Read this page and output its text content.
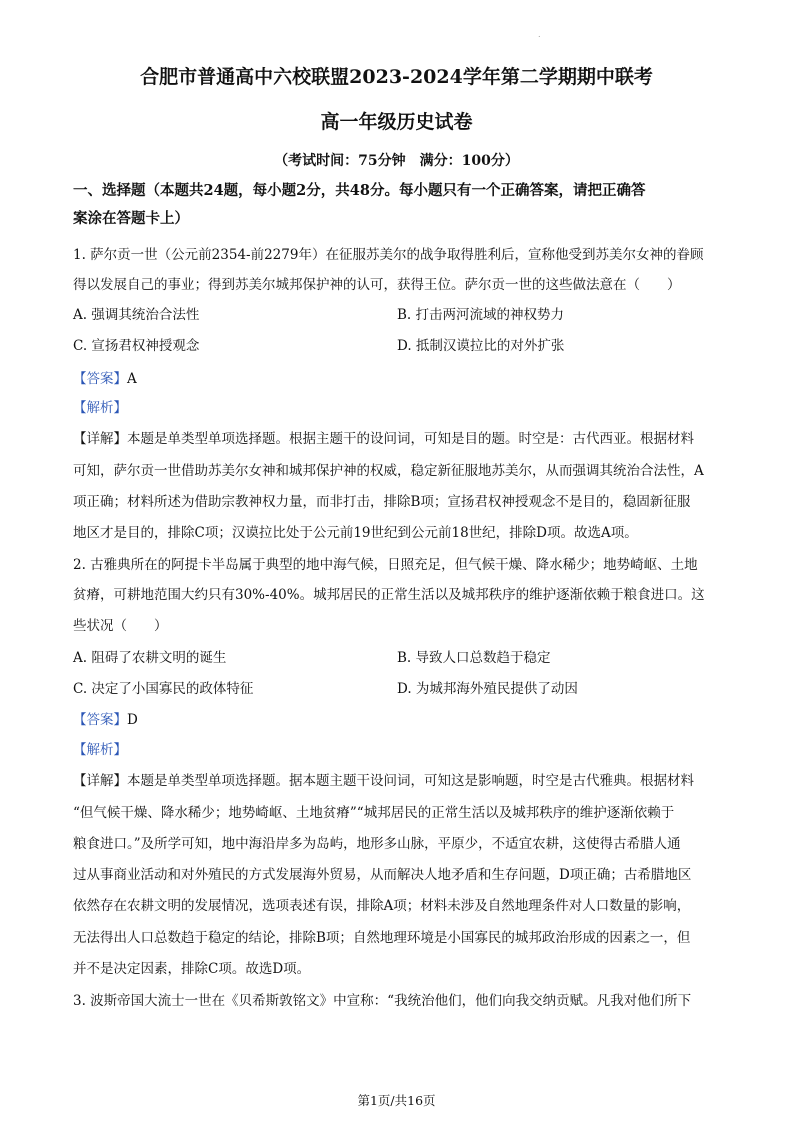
.
合肥市普通高中六校联盟2023-2024学年第二学期期中联考
高一年级历史试卷
（考试时间：75分钟　满分：100分）
一、选择题（本题共24题，每小题2分，共48分。每小题只有一个正确答案，请把正确答
案涂在答题卡上）
1. 萨尔贡一世（公元前2354-前2279年）在征服苏美尔的战争取得胜利后，宣称他受到苏美尔女神的眷顾
得以发展自己的事业；得到苏美尔城邦保护神的认可，获得王位。萨尔贡一世的这些做法意在（　　）
A. 强调其统治合法性	B. 打击两河流域的神权势力
C. 宣扬君权神授观念	D. 抵制汉谟拉比的对外扩张
【答案】A
【解析】
【详解】本题是单类型单项选择题。根据主题干的设问词，可知是目的题。时空是：古代西亚。根据材料
可知，萨尔贡一世借助苏美尔女神和城邦保护神的权威，稳定新征服地苏美尔，从而强调其统治合法性，A
项正确；材料所述为借助宗教神权力量，而非打击，排除B项；宣扬君权神授观念不是目的，稳固新征服
地区才是目的，排除C项；汉谟拉比处于公元前19世纪到公元前18世纪，排除D项。故选A项。
2. 古雅典所在的阿提卡半岛属于典型的地中海气候，日照充足，但气候干燥、降水稀少；地势崎岖、土地
贫瘠，可耕地范围大约只有30%-40%。城邦居民的正常生活以及城邦秩序的维护逐渐依赖于粮食进口。这
些状况（　　）
A. 阻碍了农耕文明的诞生	B. 导致人口总数趋于稳定
C. 决定了小国寡民的政体特征	D. 为城邦海外殖民提供了动因
【答案】D
【解析】
【详解】本题是单类型单项选择题。据本题主题干设问词，可知这是影响题，时空是古代雅典。根据材料
“但气候干燥、降水稀少；地势崎岖、土地贫瘠”“城邦居民的正常生活以及城邦秩序的维护逐渐依赖于
粮食进口。”及所学可知，地中海沿岸多为岛屿，地形多山脉，平原少，不适宜农耕，这使得古希腊人通
过从事商业活动和对外殖民的方式发展海外贸易，从而解决人地矛盾和生存问题，D项正确；古希腊地区
依然存在农耕文明的发展情况，选项表述有误，排除A项；材料未涉及自然地理条件对人口数量的影响，
无法得出人口总数趋于稳定的结论，排除B项；自然地理环境是小国寡民的城邦政治形成的因素之一，但
并不是决定因素，排除C项。故选D项。
3. 波斯帝国大流士一世在《贝希斯敦铭文》中宣称：“我统治他们，他们向我交纳贡赋。凡我对他们所下
第1页/共16页
